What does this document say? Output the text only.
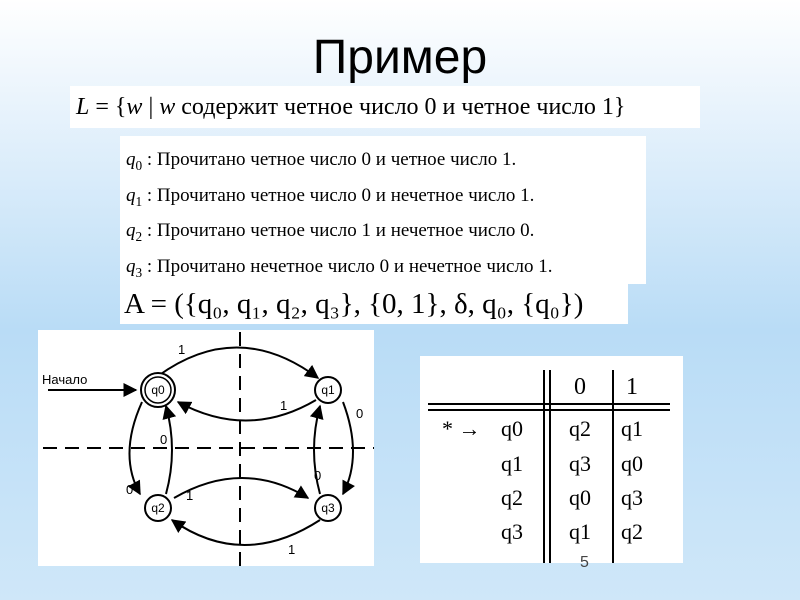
Пример
L = {w | w содержит четное число 0 и четное число 1}
$q_0$ : Прочитано четное число 0 и четное число 1.
$q_1$ : Прочитано четное число 0 и нечетное число 1.
$q_2$ : Прочитано четное число 1 и нечетное число 0.
$q_3$ : Прочитано нечетное число 0 и нечетное число 1.
A = ({q₀, q₁, q₂, q₃}, {0, 1}, δ, q₀, {q₀})
Начало
1
1
0
0
0
0	1
1
q0	q1
q2	q3
0 1
* → q0 q2 q1
q1 q3 q0
q2 q0 q3
q3 q1 q2
5
